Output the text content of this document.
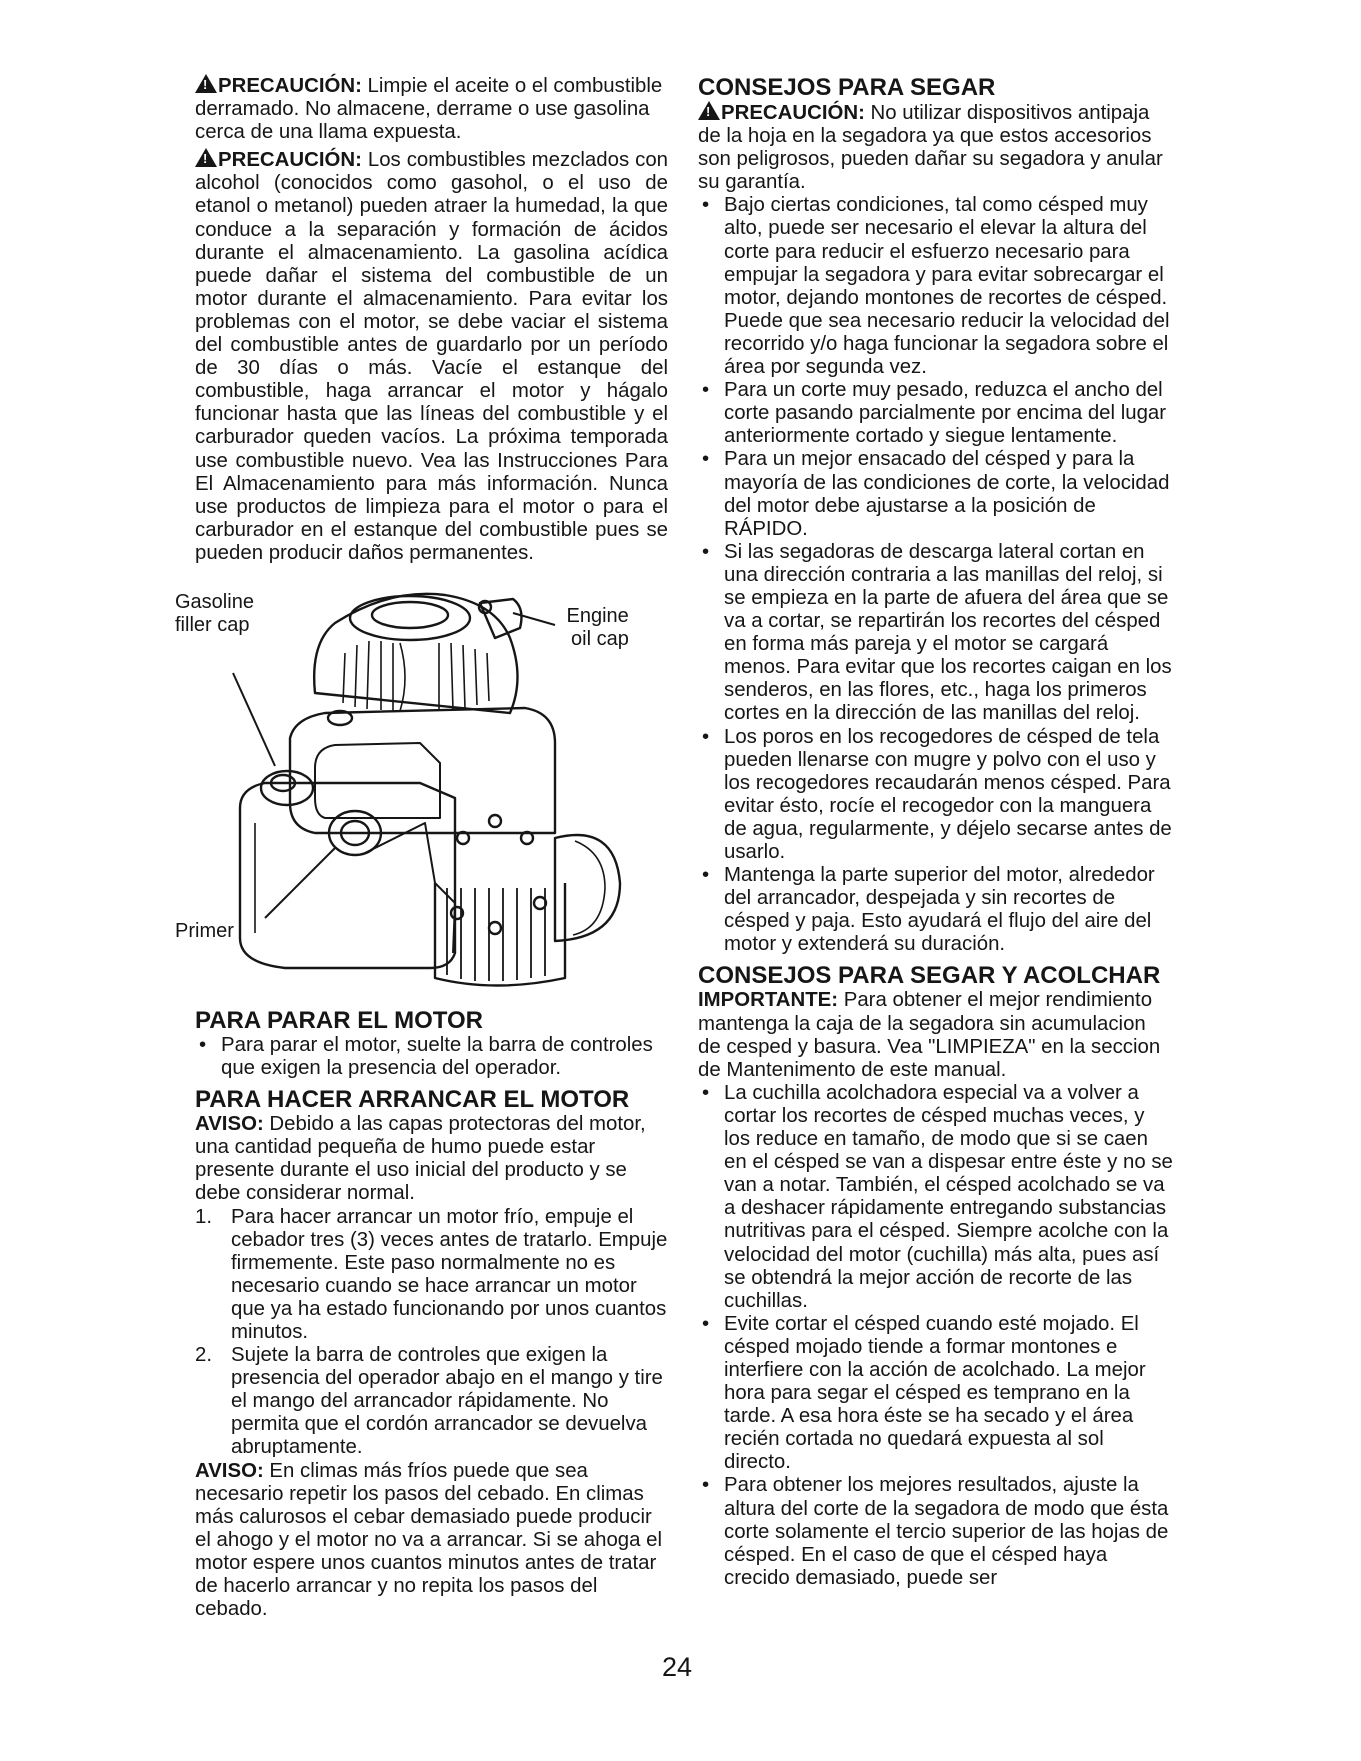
!PRECAUCIÓN: Limpie el aceite o el combustible derramado. No almacene, derrame o use gasolina cerca de una llama expuesta.

!PRECAUCIÓN: Los combustibles mezclados con alcohol (conocidos como gasohol, o el uso de etanol o metanol) pueden atraer la humedad, la que conduce a la separación y formación de ácidos durante el almacenamiento. La gasolina acídica puede dañar el sistema del combustible de un motor durante el almacenamiento. Para evitar los problemas con el motor, se debe vaciar el sistema del combustible antes de guardarlo por un período de 30 días o más. Vacíe el estanque del combustible, haga arrancar el motor y hágalo funcionar hasta que las líneas del combustible y el carburador queden vacíos. La próxima temporada use combustible nuevo. Vea las Instrucciones Para El Almacenamiento para más información. Nunca use productos de limpieza para el motor o para el carburador en el estanque del combustible pues se pueden producir daños permanentes.

Gasoline
filler cap	Engine
oil cap
Primer
PARA PARAR EL MOTOR
• Para parar el motor, suelte la barra de controles que exigen la presencia del operador.
PARA HACER ARRANCAR EL MOTOR

AVISO: Debido a las capas protectoras del motor, una cantidad pequeña de humo puede estar presente durante el uso inicial del producto y se debe considerar normal.

1. Para hacer arrancar un motor frío, empuje el cebador tres (3) veces antes de tratarlo. Empuje firmemente. Este paso normalmente no es necesario cuando se hace arrancar un motor que ya ha estado funcionando por unos cuantos minutos.
2. Sujete la barra de controles que exigen la presencia del operador abajo en el mango y tire el mango del arrancador rápidamente. No permita que el cordón arrancador se devuelva abruptamente.

AVISO: En climas más fríos puede que sea necesario repetir los pasos del cebado. En climas más calurosos el cebar demasiado puede producir el ahogo y el motor no va a arrancar. Si se ahoga el motor espere unos cuantos minutos antes de tratar de hacerlo arrancar y no repita los pasos del cebado.

CONSEJOS PARA SEGAR

!PRECAUCIÓN: No utilizar dispositivos antipaja de la hoja en la segadora ya que estos accesorios son peligrosos, pueden dañar su segadora y anular su garantía.

• Bajo ciertas condiciones, tal como césped muy alto, puede ser necesario el elevar la altura del corte para reducir el esfuerzo necesario para empujar la segadora y para evitar sobrecargar el motor, dejando montones de recortes de césped. Puede que sea necesario reducir la velocidad del recorrido y/o haga funcionar la segadora sobre el área por segunda vez.
• Para un corte muy pesado, reduzca el ancho del corte pasando parcialmente por encima del lugar anteriormente cortado y siegue lentamente.
• Para un mejor ensacado del césped y para la mayoría de las condiciones de corte, la velocidad del motor debe ajustarse a la posición de RÁPIDO.
• Si las segadoras de descarga lateral cortan en una dirección contraria a las manillas del reloj, si se empieza en la parte de afuera del área que se va a cortar, se repartirán los recortes del césped en forma más pareja y el motor se cargará menos. Para evitar que los recortes caigan en los senderos, en las flores, etc., haga los primeros cortes en la dirección de las manillas del reloj.
• Los poros en los recogedores de césped de tela pueden llenarse con mugre y polvo con el uso y los recogedores recaudarán menos césped. Para evitar ésto, rocíe el recogedor con la manguera de agua, regularmente, y déjelo secarse antes de usarlo.
• Mantenga la parte superior del motor, alrededor del arrancador, despejada y sin recortes de césped y paja. Esto ayudará el flujo del aire del motor y extenderá su duración.
CONSEJOS PARA SEGAR Y ACOLCHAR

IMPORTANTE: Para obtener el mejor rendimiento mantenga la caja de la segadora sin acumulacion de cesped y basura. Vea "LIMPIEZA" en la seccion de Mantenimento de este manual.

• La cuchilla acolchadora especial va a volver a cortar los recortes de césped muchas veces, y los reduce en tamaño, de modo que si se caen en el césped se van a dispesar entre éste y no se van a notar. También, el césped acolchado se va a deshacer rápidamente entregando substancias nutritivas para el césped. Siempre acolche con la velocidad del motor (cuchilla) más alta, pues así se obtendrá la mejor acción de recorte de las cuchillas.
• Evite cortar el césped cuando esté mojado. El césped mojado tiende a formar montones e interfiere con la acción de acolchado. La mejor hora para segar el césped es temprano en la tarde. A esa hora éste se ha secado y el área recién cortada no quedará expuesta al sol directo.
• Para obtener los mejores resultados, ajuste la altura del corte de la segadora de modo que ésta corte solamente el tercio superior de las hojas de césped. En el caso de que el césped haya crecido demasiado, puede ser
24
